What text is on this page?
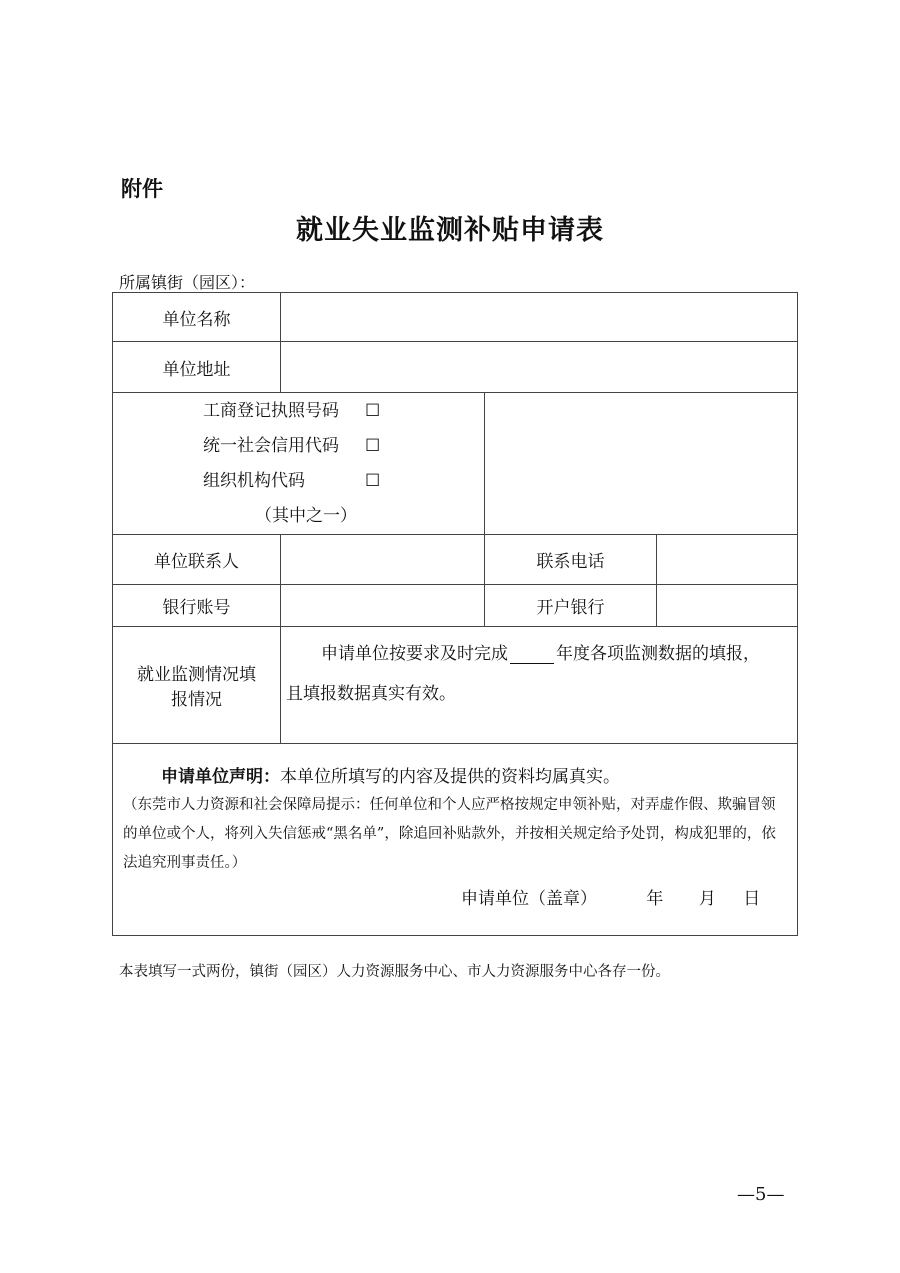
附件
就业失业监测补贴申请表
所属镇街（园区）：
单位名称			
单位地址			

工商登记执照号码 ☐
统一社会信用代码 ☐
组织机构代码 ☐
（其中之一）			

单位联系人		联系电话	
银行账号		开户银行	
就业监测情况填报情况	申请单位按要求及时完成 年度各项监测数据的填报，
且填报数据真实有效。		

申请单位声明：本单位所填写的内容及提供的资料均属真实。
（东莞市人力资源和社会保障局提示：任何单位和个人应严格按规定申领补贴，对弄虚作假、欺骗冒领的单位或个人，将列入失信惩戒“黑名单”，除追回补贴款外，并按相关规定给予处罚，构成犯罪的，依法追究刑事责任。）
申请单位（盖章） 年 月 日			
本表填写一式两份，镇街（园区）人力资源服务中心、市人力资源服务中心各存一份。
—5—
